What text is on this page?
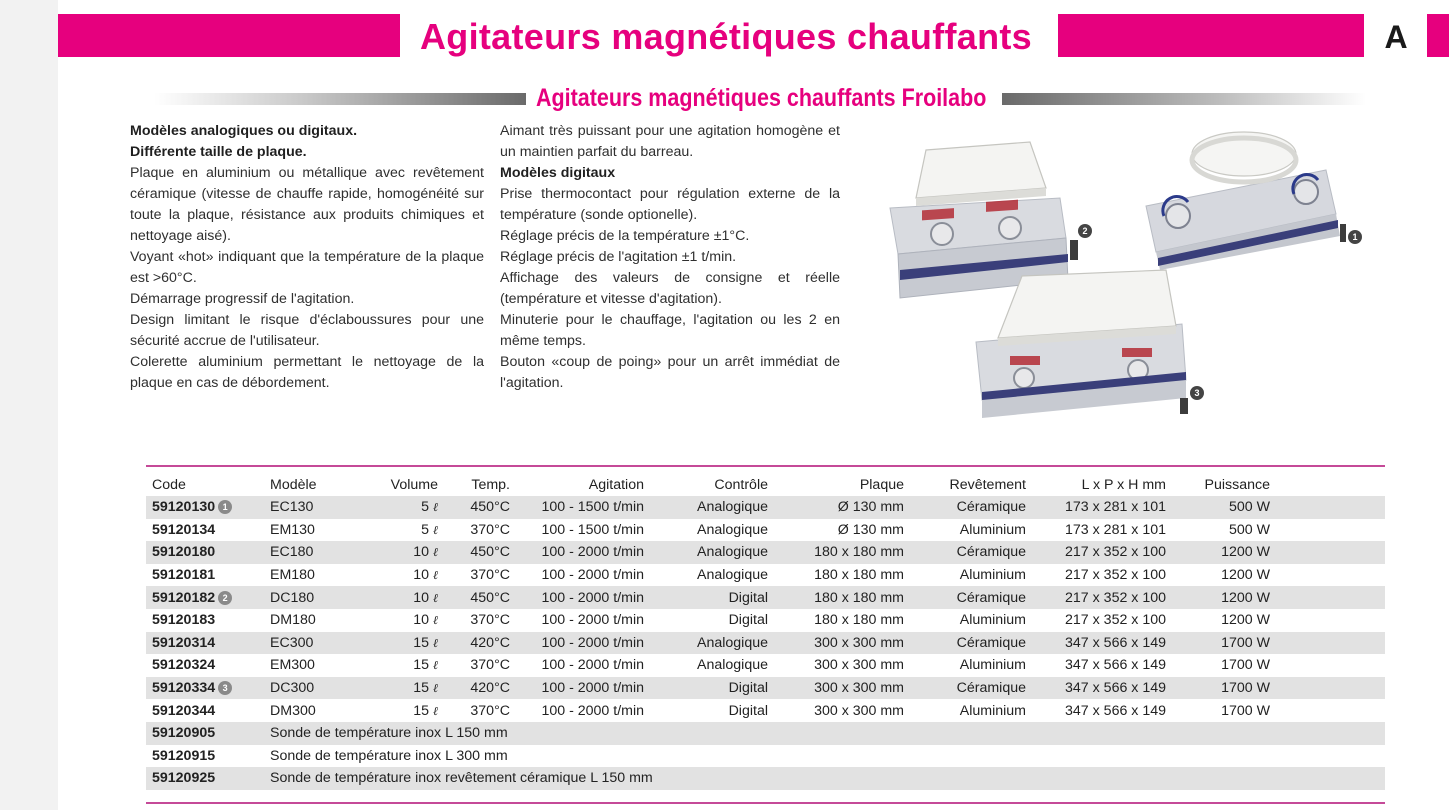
Agitateurs magnétiques chauffants	A
Agitateurs magnétiques chauffants Froilabo

Modèles analogiques ou digitaux.

Différente taille de plaque.

Plaque en aluminium ou métallique avec revêtement céramique (vitesse de chauffe rapide, homogénéité sur toute la plaque, résistance aux produits chimiques et nettoyage aisé).

Voyant «hot» indiquant que la température de la plaque est >60°C.

Démarrage progressif de l'agitation.

Design limitant le risque d'éclaboussures pour une sécurité accrue de l'utilisateur.

Colerette aluminium permettant le nettoyage de la plaque en cas de débordement.

Aimant très puissant pour une agitation homogène et un maintien parfait du barreau.

Modèles digitaux

Prise thermocontact pour régulation externe de la température (sonde optionelle).

Réglage précis de la température ±1°C.

Réglage précis de l'agitation ±1 t/min.

Affichage des valeurs de consigne et réelle (température et vitesse d'agitation).

Minuterie pour le chauffage, l'agitation ou les 2 en même temps.

Bouton «coup de poing» pour un arrêt immédiat de l'agitation.

2
1
3
Code	Modèle	Volume	Temp.	Agitation	Contrôle	Plaque	Revêtement	L x P x H mm	Puissance	
59120130 1	EC130	5 ℓ	450°C	100 - 1500 t/min	Analogique	Ø 130 mm	Céramique	173 x 281 x 101	500 W	
59120134	EM130	5 ℓ	370°C	100 - 1500 t/min	Analogique	Ø 130 mm	Aluminium	173 x 281 x 101	500 W	
59120180	EC180	10 ℓ	450°C	100 - 2000 t/min	Analogique	180 x 180 mm	Céramique	217 x 352 x 100	1200 W	
59120181	EM180	10 ℓ	370°C	100 - 2000 t/min	Analogique	180 x 180 mm	Aluminium	217 x 352 x 100	1200 W	
59120182 2	DC180	10 ℓ	450°C	100 - 2000 t/min	Digital	180 x 180 mm	Céramique	217 x 352 x 100	1200 W	
59120183	DM180	10 ℓ	370°C	100 - 2000 t/min	Digital	180 x 180 mm	Aluminium	217 x 352 x 100	1200 W	
59120314	EC300	15 ℓ	420°C	100 - 2000 t/min	Analogique	300 x 300 mm	Céramique	347 x 566 x 149	1700 W	
59120324	EM300	15 ℓ	370°C	100 - 2000 t/min	Analogique	300 x 300 mm	Aluminium	347 x 566 x 149	1700 W	
59120334 3	DC300	15 ℓ	420°C	100 - 2000 t/min	Digital	300 x 300 mm	Céramique	347 x 566 x 149	1700 W	
59120344	DM300	15 ℓ	370°C	100 - 2000 t/min	Digital	300 x 300 mm	Aluminium	347 x 566 x 149	1700 W	
59120905	Sonde de température inox L 150 mm									
59120915	Sonde de température inox L 300 mm									
59120925	Sonde de température inox revêtement céramique L 150 mm									
